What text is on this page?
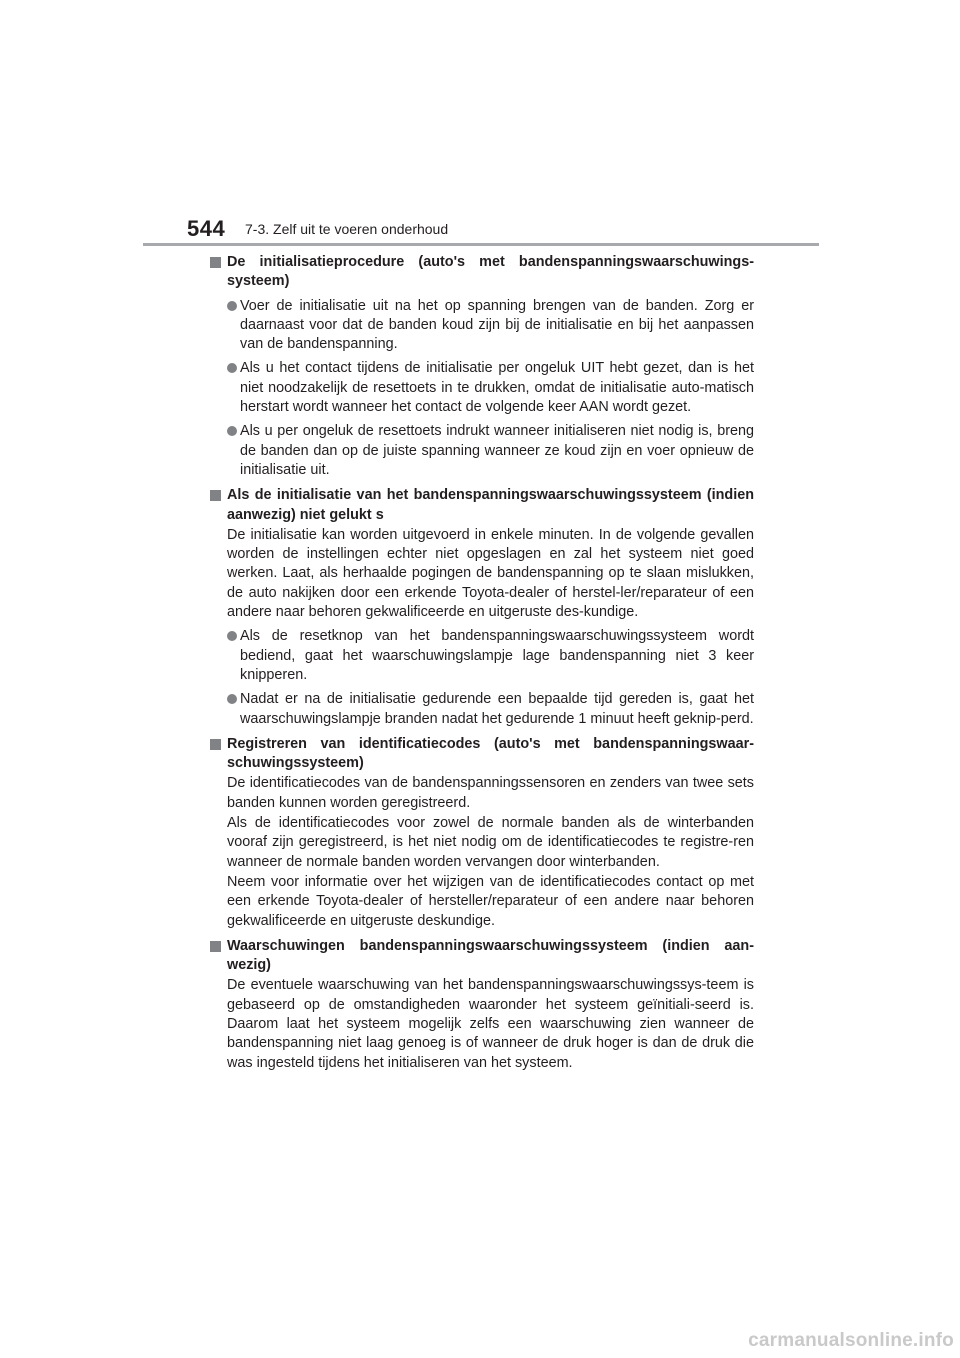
544 7-3. Zelf uit te voeren onderhoud
De initialisatieprocedure (auto's met bandenspanningswaarschuwings-systeem)
Voer de initialisatie uit na het op spanning brengen van de banden. Zorg er daarnaast voor dat de banden koud zijn bij de initialisatie en bij het aanpassen van de bandenspanning.
Als u het contact tijdens de initialisatie per ongeluk UIT hebt gezet, dan is het niet noodzakelijk de resettoets in te drukken, omdat de initialisatie auto-matisch herstart wordt wanneer het contact de volgende keer AAN wordt gezet.
Als u per ongeluk de resettoets indrukt wanneer initialiseren niet nodig is, breng de banden dan op de juiste spanning wanneer ze koud zijn en voer opnieuw de initialisatie uit.
Als de initialisatie van het bandenspanningswaarschuwingssysteem (indien aanwezig) niet gelukt s
De initialisatie kan worden uitgevoerd in enkele minuten. In de volgende gevallen worden de instellingen echter niet opgeslagen en zal het systeem niet goed werken. Laat, als herhaalde pogingen de bandenspanning op te slaan mislukken, de auto nakijken door een erkende Toyota-dealer of herstel-ler/reparateur of een andere naar behoren gekwalificeerde en uitgeruste des-kundige.
Als de resetknop van het bandenspanningswaarschuwingssysteem wordt bediend, gaat het waarschuwingslampje lage bandenspanning niet 3 keer knipperen.
Nadat er na de initialisatie gedurende een bepaalde tijd gereden is, gaat het waarschuwingslampje branden nadat het gedurende 1 minuut heeft geknip-perd.
Registreren van identificatiecodes (auto's met bandenspanningswaar-schuwingssysteem)
De identificatiecodes van de bandenspanningssensoren en zenders van twee sets banden kunnen worden geregistreerd.
Als de identificatiecodes voor zowel de normale banden als de winterbanden vooraf zijn geregistreerd, is het niet nodig om de identificatiecodes te registre-ren wanneer de normale banden worden vervangen door winterbanden.
Neem voor informatie over het wijzigen van de identificatiecodes contact op met een erkende Toyota-dealer of hersteller/reparateur of een andere naar behoren gekwalificeerde en uitgeruste deskundige.
Waarschuwingen bandenspanningswaarschuwingssysteem (indien aan-wezig)
De eventuele waarschuwing van het bandenspanningswaarschuwingssys-teem is gebaseerd op de omstandigheden waaronder het systeem geïnitiali-seerd is. Daarom laat het systeem mogelijk zelfs een waarschuwing zien wanneer de bandenspanning niet laag genoeg is of wanneer de druk hoger is dan de druk die was ingesteld tijdens het initialiseren van het systeem.
carmanualsonline.info
